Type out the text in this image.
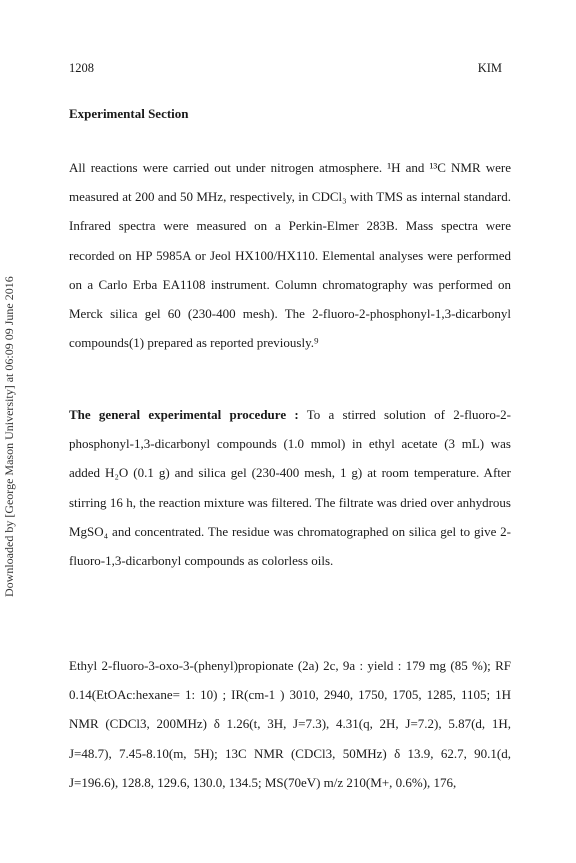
1208	KIM
Downloaded by [George Mason University] at 06:09 09 June 2016
Experimental Section

All reactions were carried out under nitrogen atmosphere. ¹H and ¹³C NMR were measured at 200 and 50 MHz, respectively, in CDCl₃ with TMS as internal standard. Infrared spectra were measured on a Perkin-Elmer 283B. Mass spectra were recorded on HP 5985A or Jeol HX100/HX110. Elemental analyses were performed on a Carlo Erba EA1108 instrument. Column chromatography was performed on Merck silica gel 60 (230-400 mesh). The 2-fluoro-2-phosphonyl-1,3-dicarbonyl compounds(1) prepared as reported previously.⁹

The general experimental procedure : To a stirred solution of 2-fluoro-2-phosphonyl-1,3-dicarbonyl compounds (1.0 mmol) in ethyl acetate (3 mL) was added H₂O (0.1 g) and silica gel (230-400 mesh, 1 g) at room temperature. After stirring 16 h, the reaction mixture was filtered. The filtrate was dried over anhydrous MgSO₄ and concentrated. The residue was chromatographed on silica gel to give 2-fluoro-1,3-dicarbonyl compounds as colorless oils.

Ethyl 2-fluoro-3-oxo-3-(phenyl)propionate (2a) 2c, 9a : yield : 179 mg (85 %); RF 0.14(EtOAc:hexane= 1: 10) ; IR(cm-1 ) 3010, 2940, 1750, 1705, 1285, 1105; 1H NMR (CDCl3, 200MHz) δ 1.26(t, 3H, J=7.3), 4.31(q, 2H, J=7.2), 5.87(d, 1H, J=48.7), 7.45-8.10(m, 5H); 13C NMR (CDCl3, 50MHz) δ 13.9, 62.7, 90.1(d, J=196.6), 128.8, 129.6, 130.0, 134.5; MS(70eV) m/z 210(M+, 0.6%), 176,
